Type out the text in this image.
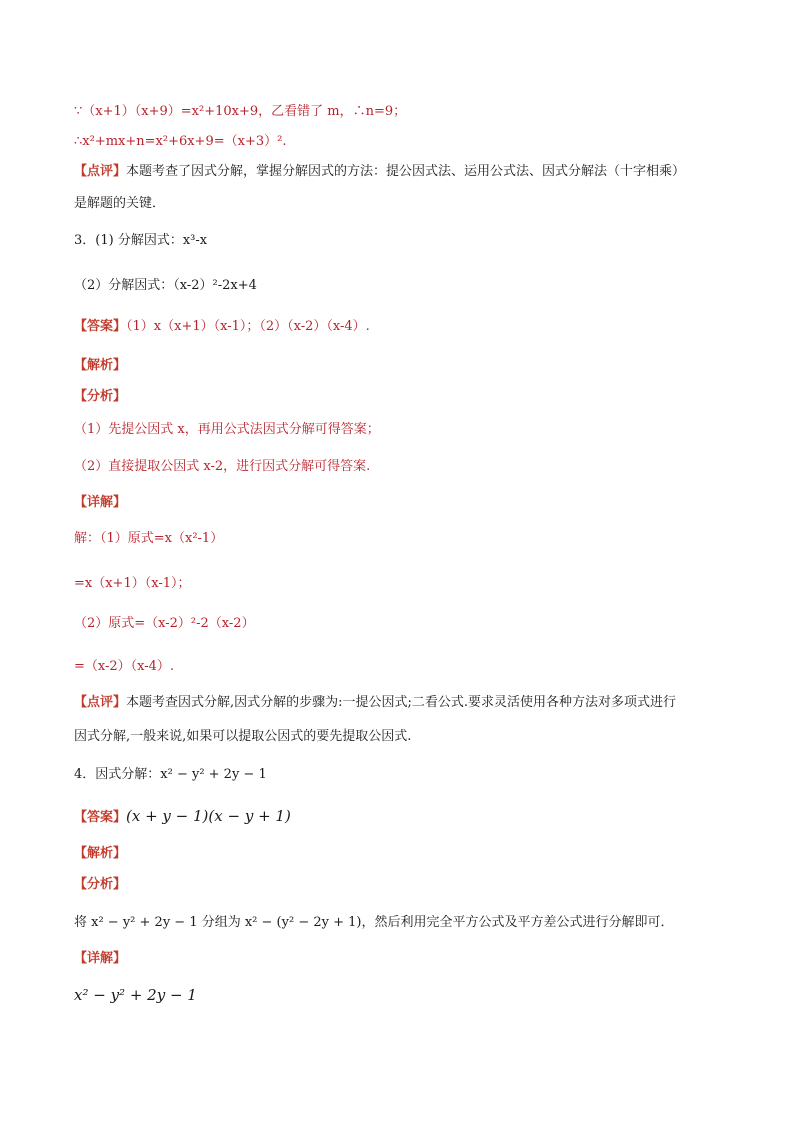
∵（x+1）（x+9）=x²+10x+9，乙看错了 m，∴n=9；
∴x²+mx+n=x²+6x+9=（x+3）².
【点评】本题考查了因式分解，掌握分解因式的方法：提公因式法、运用公式法、因式分解法（十字相乘）
是解题的关键．
3．(1) 分解因式：x³-x
（2）分解因式：（x-2）²-2x+4
【答案】（1）x（x+1）（x-1）；（2）（x-2）（x-4）.
【解析】
【分析】
（1）先提公因式 x，再用公式法因式分解可得答案；
（2）直接提取公因式 x-2，进行因式分解可得答案.
【详解】
解：（1）原式=x（x²-1）
=x（x+1）（x-1）；
（2）原式=（x-2）²-2（x-2）
=（x-2）（x-4）.
【点评】本题考查因式分解,因式分解的步骤为:一提公因式;二看公式.要求灵活使用各种方法对多项式进行
因式分解,一般来说,如果可以提取公因式的要先提取公因式.
4．因式分解：x² − y² + 2y − 1
【答案】(x + y − 1)(x − y + 1)
【解析】
【分析】
将 x² − y² + 2y − 1 分组为 x² − (y² − 2y + 1)，然后利用完全平方公式及平方差公式进行分解即可．
【详解】
x² − y² + 2y − 1
